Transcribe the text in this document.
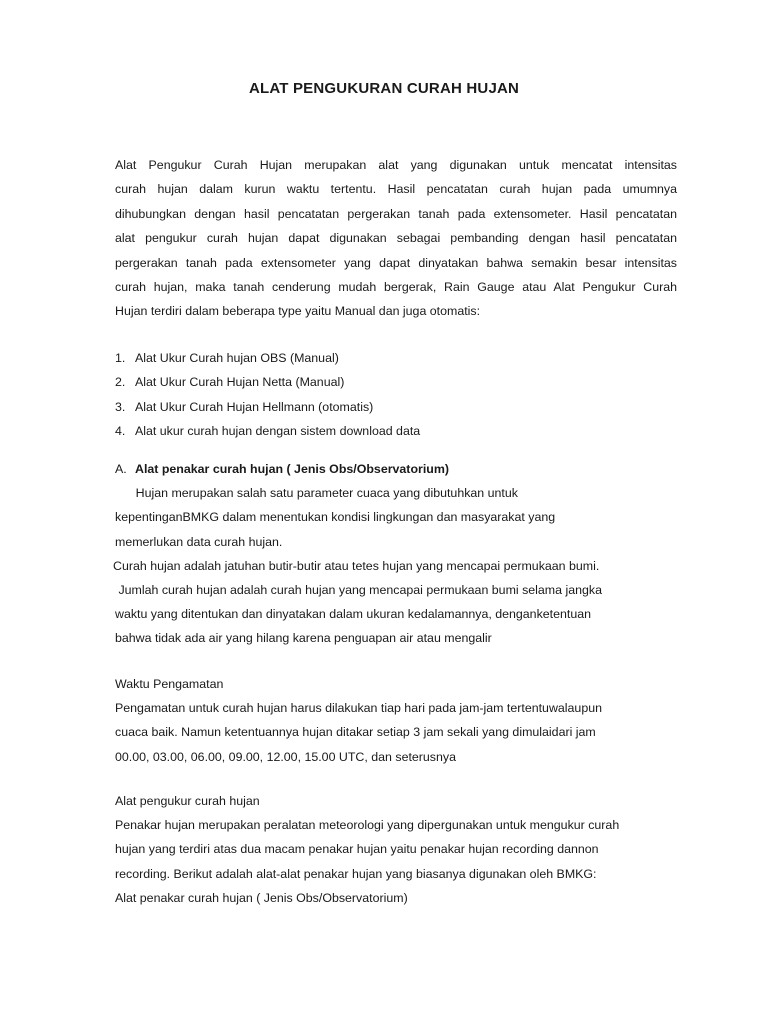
ALAT PENGUKURAN CURAH HUJAN
Alat Pengukur Curah Hujan merupakan alat yang digunakan untuk mencatat intensitas
curah hujan dalam kurun waktu tertentu. Hasil pencatatan curah hujan pada umumnya
dihubungkan dengan hasil pencatatan pergerakan tanah pada extensometer. Hasil pencatatan
alat pengukur curah hujan dapat digunakan sebagai pembanding dengan hasil pencatatan
pergerakan tanah pada extensometer yang dapat dinyatakan bahwa semakin besar intensitas
curah hujan, maka tanah cenderung mudah bergerak, Rain Gauge atau Alat Pengukur Curah
Hujan terdiri dalam beberapa type yaitu Manual dan juga otomatis:
1. Alat Ukur Curah hujan OBS (Manual)
2. Alat Ukur Curah Hujan Netta (Manual)
3. Alat Ukur Curah Hujan Hellmann (otomatis)
4. Alat ukur curah hujan dengan sistem download data
A. Alat penakar curah hujan ( Jenis Obs/Observatorium)

Hujan merupakan salah satu parameter cuaca yang dibutuhkan untuk

kepentinganBMKG dalam menentukan kondisi lingkungan dan masyarakat yang

memerlukan data curah hujan.

Curah hujan adalah jatuhan butir-butir atau tetes hujan yang mencapai permukaan bumi.

Jumlah curah hujan adalah curah hujan yang mencapai permukaan bumi selama jangka

waktu yang ditentukan dan dinyatakan dalam ukuran kedalamannya, denganketentuan

bahwa tidak ada air yang hilang karena penguapan air atau mengalir

Waktu Pengamatan

Pengamatan untuk curah hujan harus dilakukan tiap hari pada jam-jam tertentuwalaupun

cuaca baik. Namun ketentuannya hujan ditakar setiap 3 jam sekali yang dimulaidari jam

00.00, 03.00, 06.00, 09.00, 12.00, 15.00 UTC, dan seterusnya

Alat pengukur curah hujan

Penakar hujan merupakan peralatan meteorologi yang dipergunakan untuk mengukur curah

hujan yang terdiri atas dua macam penakar hujan yaitu penakar hujan recording dannon

recording. Berikut adalah alat-alat penakar hujan yang biasanya digunakan oleh BMKG:

Alat penakar curah hujan ( Jenis Obs/Observatorium)
